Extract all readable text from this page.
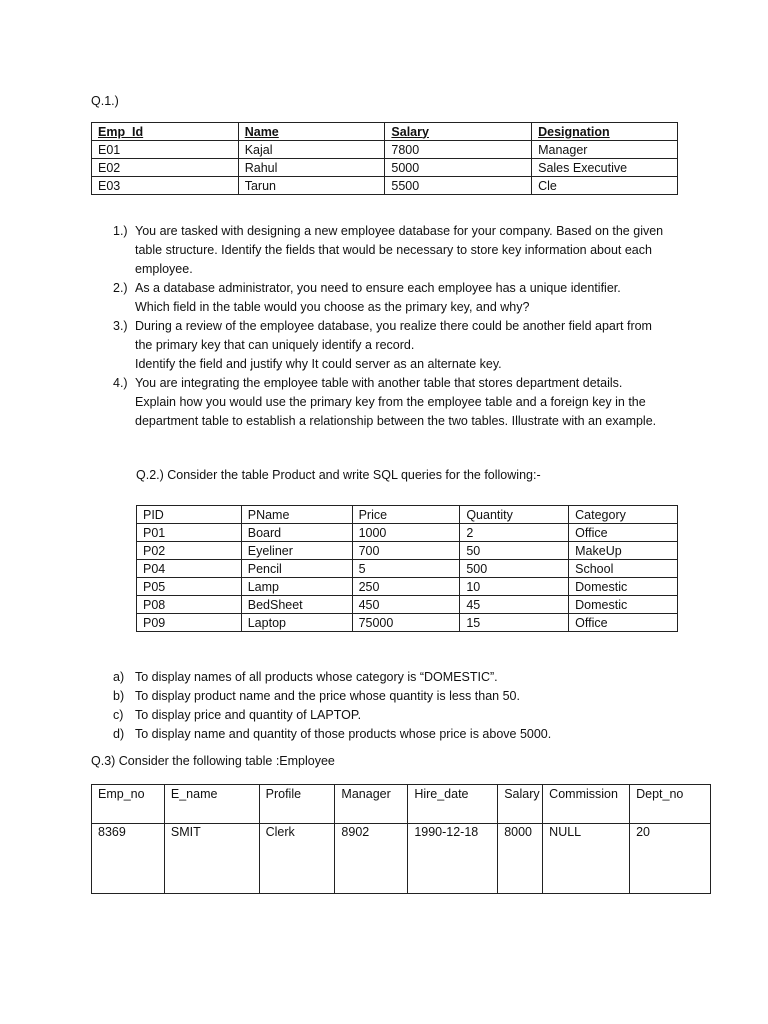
Q.1.)
Emp_Id	Name	Salary	Designation
E01	Kajal	7800	Manager
E02	Rahul	5000	Sales Executive
E03	Tarun	5500	Cle
1.) You are tasked with designing a new employee database for your company. Based on the given
table structure. Identify the fields that would be necessary to store key information about each
employee.
2.) As a database administrator, you need to ensure each employee has a unique identifier.
Which field in the table would you choose as the primary key, and why?
3.) During a review of the employee database, you realize there could be another field apart from
the primary key that can uniquely identify a record.
Identify the field and justify why It could server as an alternate key.
4.) You are integrating the employee table with another table that stores department details.
Explain how you would use the primary key from the employee table and a foreign key in the
department table to establish a relationship between the two tables. Illustrate with an example.
Q.2.) Consider the table Product and write SQL queries for the following:-
PID	PName	Price	Quantity	Category
P01	Board	1000	2	Office
P02	Eyeliner	700	50	MakeUp
P04	Pencil	5	500	School
P05	Lamp	250	10	Domestic
P08	BedSheet	450	45	Domestic
P09	Laptop	75000	15	Office
a) To display names of all products whose category is “DOMESTIC”.
b) To display product name and the price whose quantity is less than 50.
c) To display price and quantity of LAPTOP.
d) To display name and quantity of those products whose price is above 5000.
Q.3) Consider the following table :Employee
Emp_no	E_name	Profile	Manager	Hire_date	Salary	Commission	Dept_no
8369	SMIT	Clerk	8902	1990-12-18	8000	NULL	20
